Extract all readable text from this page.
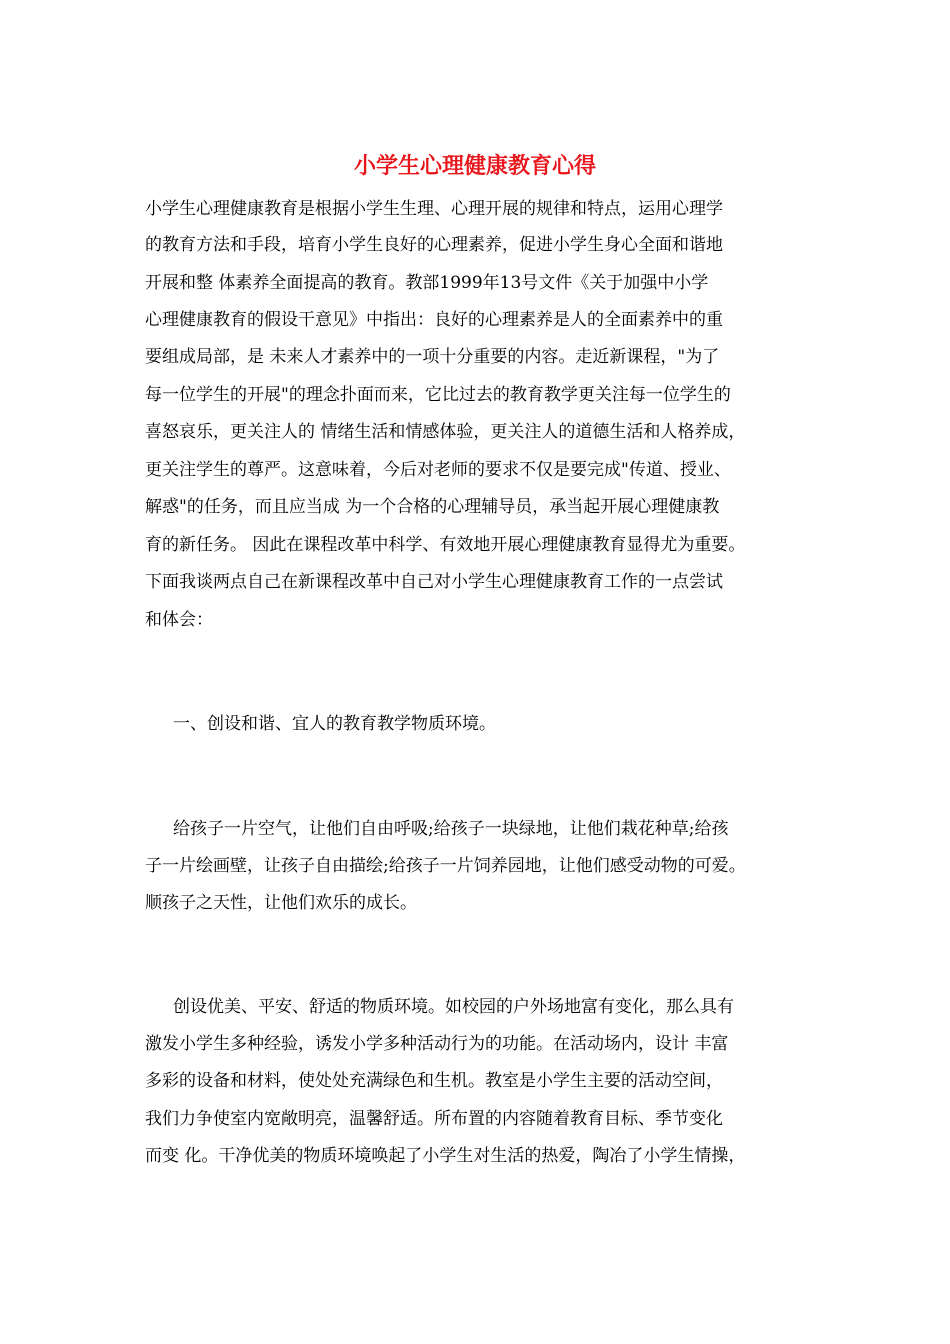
小学生心理健康教育心得

小学生心理健康教育是根据小学生生理、心理开展的规律和特点，运用心理学

的教育方法和手段，培育小学生良好的心理素养，促进小学生身心全面和谐地

开展和整 体素养全面提高的教育。教部1999年13号文件《关于加强中小学

心理健康教育的假设干意见》中指出：良好的心理素养是人的全面素养中的重

要组成局部，是 未来人才素养中的一项十分重要的内容。走近新课程，"为了

每一位学生的开展"的理念扑面而来，它比过去的教育教学更关注每一位学生的

喜怒哀乐，更关注人的 情绪生活和情感体验，更关注人的道德生活和人格养成，

更关注学生的尊严。这意味着，今后对老师的要求不仅是要完成"传道、授业、

解惑"的任务，而且应当成 为一个合格的心理辅导员，承当起开展心理健康教

育的新任务。 因此在课程改革中科学、有效地开展心理健康教育显得尤为重要。

下面我谈两点自己在新课程改革中自己对小学生心理健康教育工作的一点尝试

和体会：

一、创设和谐、宜人的教育教学物质环境。

给孩子一片空气，让他们自由呼吸;给孩子一块绿地，让他们栽花种草;给孩

子一片绘画壁，让孩子自由描绘;给孩子一片饲养园地，让他们感受动物的可爱。

顺孩子之天性，让他们欢乐的成长。

创设优美、平安、舒适的物质环境。如校园的户外场地富有变化，那么具有

激发小学生多种经验，诱发小学多种活动行为的功能。在活动场内，设计 丰富

多彩的设备和材料，使处处充满绿色和生机。教室是小学生主要的活动空间，

我们力争使室内宽敞明亮，温馨舒适。所布置的内容随着教育目标、季节变化

而变 化。干净优美的物质环境唤起了小学生对生活的热爱，陶冶了小学生情操，
